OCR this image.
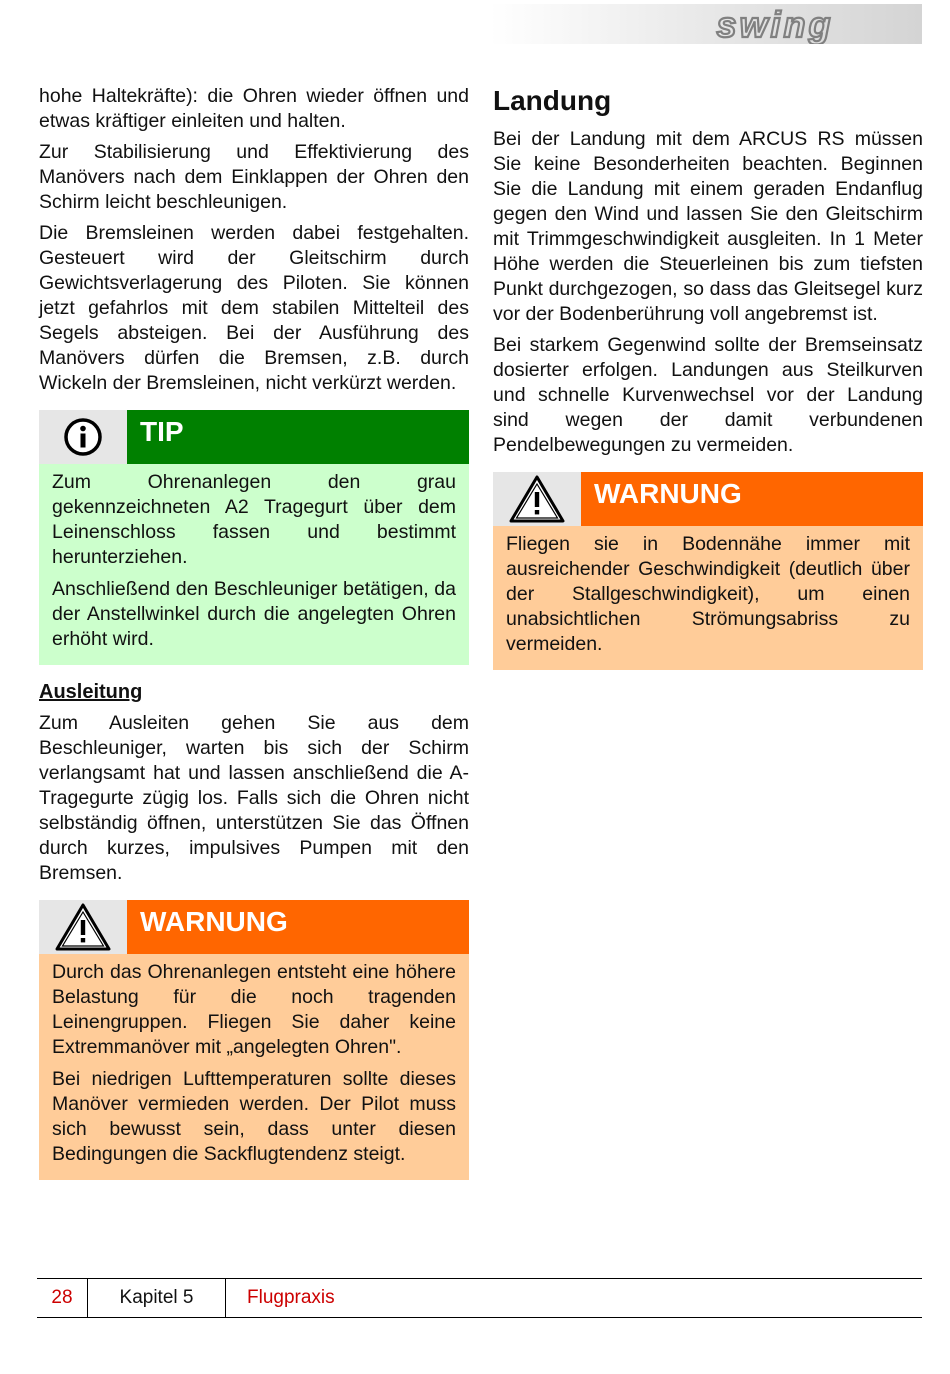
swing

hohe Haltekräfte): die Ohren wieder öffnen und etwas kräftiger einleiten und halten.

Zur Stabilisierung und Effektivierung des Manövers nach dem Einklappen der Ohren den Schirm leicht beschleunigen.

Die Bremsleinen werden dabei festgehalten. Gesteuert wird der Gleitschirm durch Gewichtsverlagerung des Piloten. Sie können jetzt gefahrlos mit dem stabilen Mittelteil des Segels absteigen. Bei der Ausführung des Manövers dürfen die Bremsen, z.B. durch Wickeln der Bremsleinen, nicht verkürzt werden.

TIP

Zum Ohrenanlegen den grau gekennzeichneten A2 Tragegurt über dem Leinenschloss fassen und bestimmt herunterziehen.

Anschließend den Beschleuniger betätigen, da der Anstellwinkel durch die angelegten Ohren erhöht wird.

Ausleitung

Zum Ausleiten gehen Sie aus dem Beschleuniger, warten bis sich der Schirm verlangsamt hat und lassen anschließend die A-Tragegurte zügig los. Falls sich die Ohren nicht selbständig öffnen, unterstützen Sie das Öffnen durch kurzes, impulsives Pumpen mit den Bremsen.

WARNUNG

Durch das Ohrenanlegen entsteht eine höhere Belastung für die noch tragenden Leinengruppen. Fliegen Sie daher keine Extremmanöver mit „angelegten Ohren".

Bei niedrigen Lufttemperaturen sollte dieses Manöver vermieden werden. Der Pilot muss sich bewusst sein, dass unter diesen Bedingungen die Sackflugtendenz steigt.

Landung

Bei der Landung mit dem ARCUS RS müssen Sie keine Besonderheiten beachten. Beginnen Sie die Landung mit einem geraden Endanflug gegen den Wind und lassen Sie den Gleitschirm mit Trimmgeschwindigkeit ausgleiten. In 1 Meter Höhe werden die Steuerleinen bis zum tiefsten Punkt durchgezogen, so dass das Gleitsegel kurz vor der Bodenberührung voll angebremst ist.

Bei starkem Gegenwind sollte der Bremseinsatz dosierter erfolgen. Landungen aus Steilkurven und schnelle Kurvenwechsel vor der Landung sind wegen der damit verbundenen Pendelbewegungen zu vermeiden.

WARNUNG

Fliegen sie in Bodennähe immer mit ausreichender Geschwindigkeit (deutlich über der Stallgeschwindigkeit), um einen unabsichtlichen Strömungsabriss zu vermeiden.

28	Kapitel 5	Flugpraxis
